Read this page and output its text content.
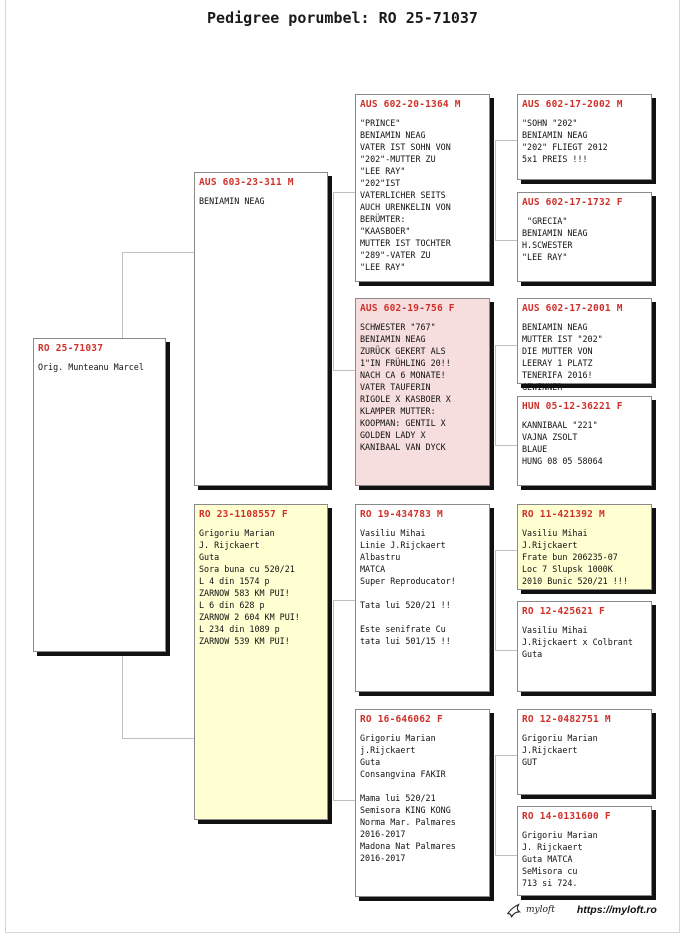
Pedigree porumbel: RO 25-71037
RO 25-71037
Orig. Munteanu Marcel
AUS 603-23-311 M
BENIAMIN NEAG
RO 23-1108557 F
Grigoriu Marian
J. Rijckaert
Guta
Sora buna cu 520/21
L 4 din 1574 p
ZARNOW 583 KM PUI!
L 6 din 628 p
ZARNOW 2 604 KM PUI!
L 234 din 1089 p
ZARNOW 539 KM PUI!
AUS 602-20-1364 M
"PRINCE"
BENIAMIN NEAG
VATER IST SOHN VON
"202"-MUTTER ZU
"LEE RAY"
"202"IST
VATERLICHER SEITS
AUCH URENKELIN VON
BERÜMTER:
"KAASBOER"
MUTTER IST TOCHTER
"289"-VATER ZU
"LEE RAY"
AUS 602-19-756 F
SCHWESTER "767"
BENIAMIN NEAG
ZURÜCK GEKERT ALS
1"IN FRÜHLING 20!!
NACH CA 6 MONATE!
VATER TAUFERIN
RIGOLE X KASBOER X
KLAMPER MUTTER:
KOOPMAN: GENTIL X
GOLDEN LADY X
KANIBAAL VAN DYCK
RO 19-434783 M
Vasiliu Mihai
Linie J.Rijckaert
Albastru
MATCA
Super Reproducator!

Tata lui 520/21 !!

Este senifrate Cu
tata lui 501/15 !!
RO 16-646062 F
Grigoriu Marian
j.Rijckaert
Guta
Consangvina FAKIR

Mama lui 520/21
Semisora KING KONG
Norma Mar. Palmares
2016-2017
Madona Nat Palmares
2016-2017
AUS 602-17-2002 M
"SOHN "202"
BENIAMIN NEAG
"202" FLIEGT 2012
5x1 PREIS !!!
AUS 602-17-1732 F
"GRECIA"
BENIAMIN NEAG
H.SCWESTER
"LEE RAY"
AUS 602-17-2001 M
BENIAMIN NEAG
MUTTER IST "202"
DIE MUTTER VON
LEERAY 1 PLATZ
TENERIFA 2016!
GEWINNER
HUN 05-12-36221 F
KANNIBAAL "221"
VAJNA ZSOLT
BLAUE
HUNG 08 05 58064
RO 11-421392 M
Vasiliu Mihai
J.Rijckaert
Frate bun 206235-07
Loc 7 Slupsk 1000K
2010 Bunic 520/21 !!!
RO 12-425621 F
Vasiliu Mihai
J.Rijckaert x Colbrant
Guta
RO 12-0482751 M
Grigoriu Marian
J.Rijckaert
GUT
RO 14-0131600 F
Grigoriu Marian
J. Rijckaert
Guta MATCA
SeMisora cu
713 si 724.
myloft https://myloft.ro
